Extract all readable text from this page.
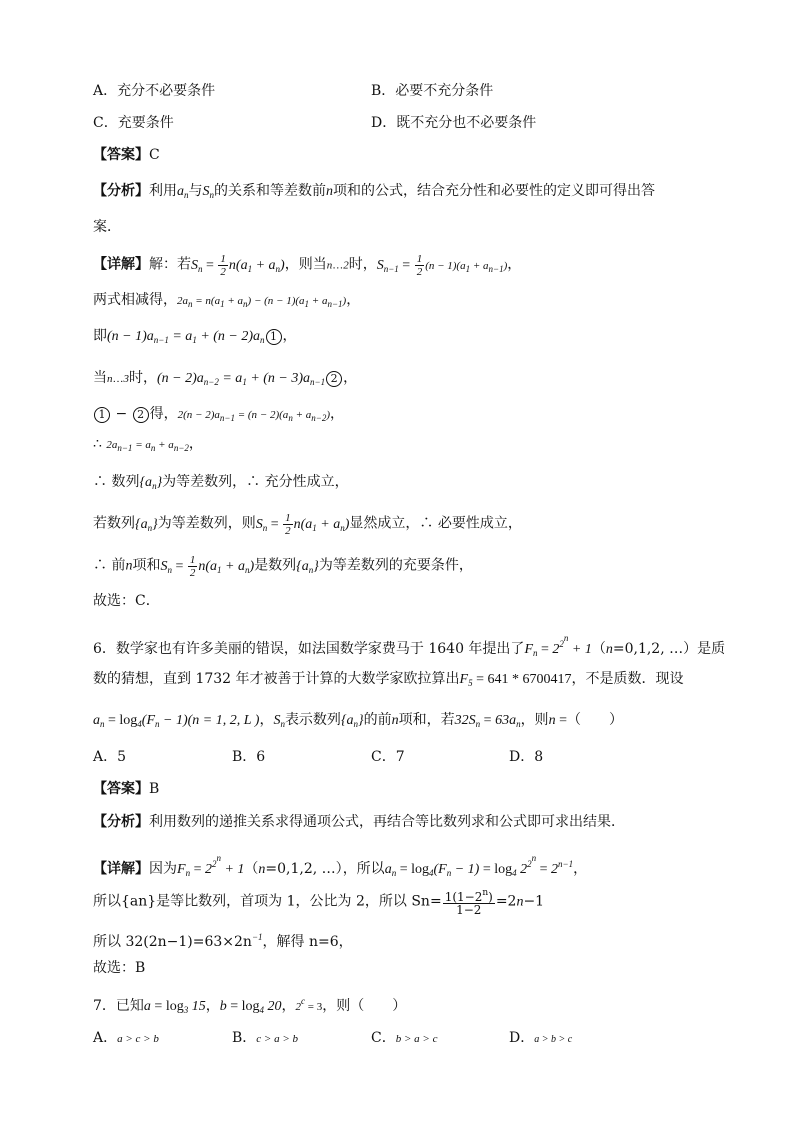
A．充分不必要条件	B．必要不充分条件
C．充要条件	D．既不充分也不必要条件
【答案】C
【分析】利用$a_n$与$S_n$的关系和等差数前n项和的公式，结合充分性和必要性的定义即可得出答
案．
【详解】解：若$S_n = \frac{1}{2} n(a_1 + a_n)$，则当n…2时，$S_{n-1} = \frac{1}{2} (n - 1)(a_1 + a_{n-1})$，
两式相减得，$2a_n = n(a_1 + a_n) - (n - 1)(a_1 + a_{n-1})$，
即$(n - 1)a_{n-1} = a_1 + (n - 2)a_n$ 1 ，
当n…3时，$(n - 2)a_{n-2} = a_1 + (n - 3)a_{n-1}$ 2 ，
1 − 2 得，$2(n - 2)a_{n-1} = (n - 2)(a_n + a_{n-2})$，
∴ $2a_{n-1} = a_n + a_{n-2}$，
∴ 数列$\{a_n\}$为等差数列，∴ 充分性成立，
若数列$\{a_n\}$为等差数列，则$S_n = \frac{1}{2} n(a_1 + a_n)$显然成立，∴ 必要性成立，
∴ 前n项和$S_n = \frac{1}{2} n(a_1 + a_n)$是数列$\{a_n\}$为等差数列的充要条件，
故选：C．
6．数学家也有许多美丽的错误，如法国数学家费马于 1640 年提出了$F_n = 2^{2^n} + 1(n=0,1,2$, …）是质
数的猜想，直到 1732 年才被善于计算的大数学家欧拉算出$F_5 = 641 * 6700417$，不是质数．现设
$a_n = \log_4(F_n - 1)(n = 1$, 2, L )，$S_n$表示数列$\{a_n\}$的前n项和，若$32S_n = 63a_n$，则n =（　　）
A．5	B．6	C．7	D．8
【答案】B
【分析】利用数列的递推关系求得通项公式，再结合等比数列求和公式即可求出结果．
【详解】因为$F_n = 2^{2^n} + 1(n=0,1,2$, …），所以$a_n = \log_4(F_n - 1) = \log_4 2^{2^n} = 2^{n-1}$，
所以{an}是等比数列，首项为 1，公比为 2，所以 $Sn= \frac{1(1-2^n)}{1-2} =2n-1$
所以 $32(2n-1)=63\times 2n^{-1}$，解得 n=6，
故选：B
7．已知$a = \log_3 15$，$b = \log_4 20$，$2^c = 3$，则（　　）
A．a > c > b	B．c > a > b	C．b > a > c	D．a > b > c
